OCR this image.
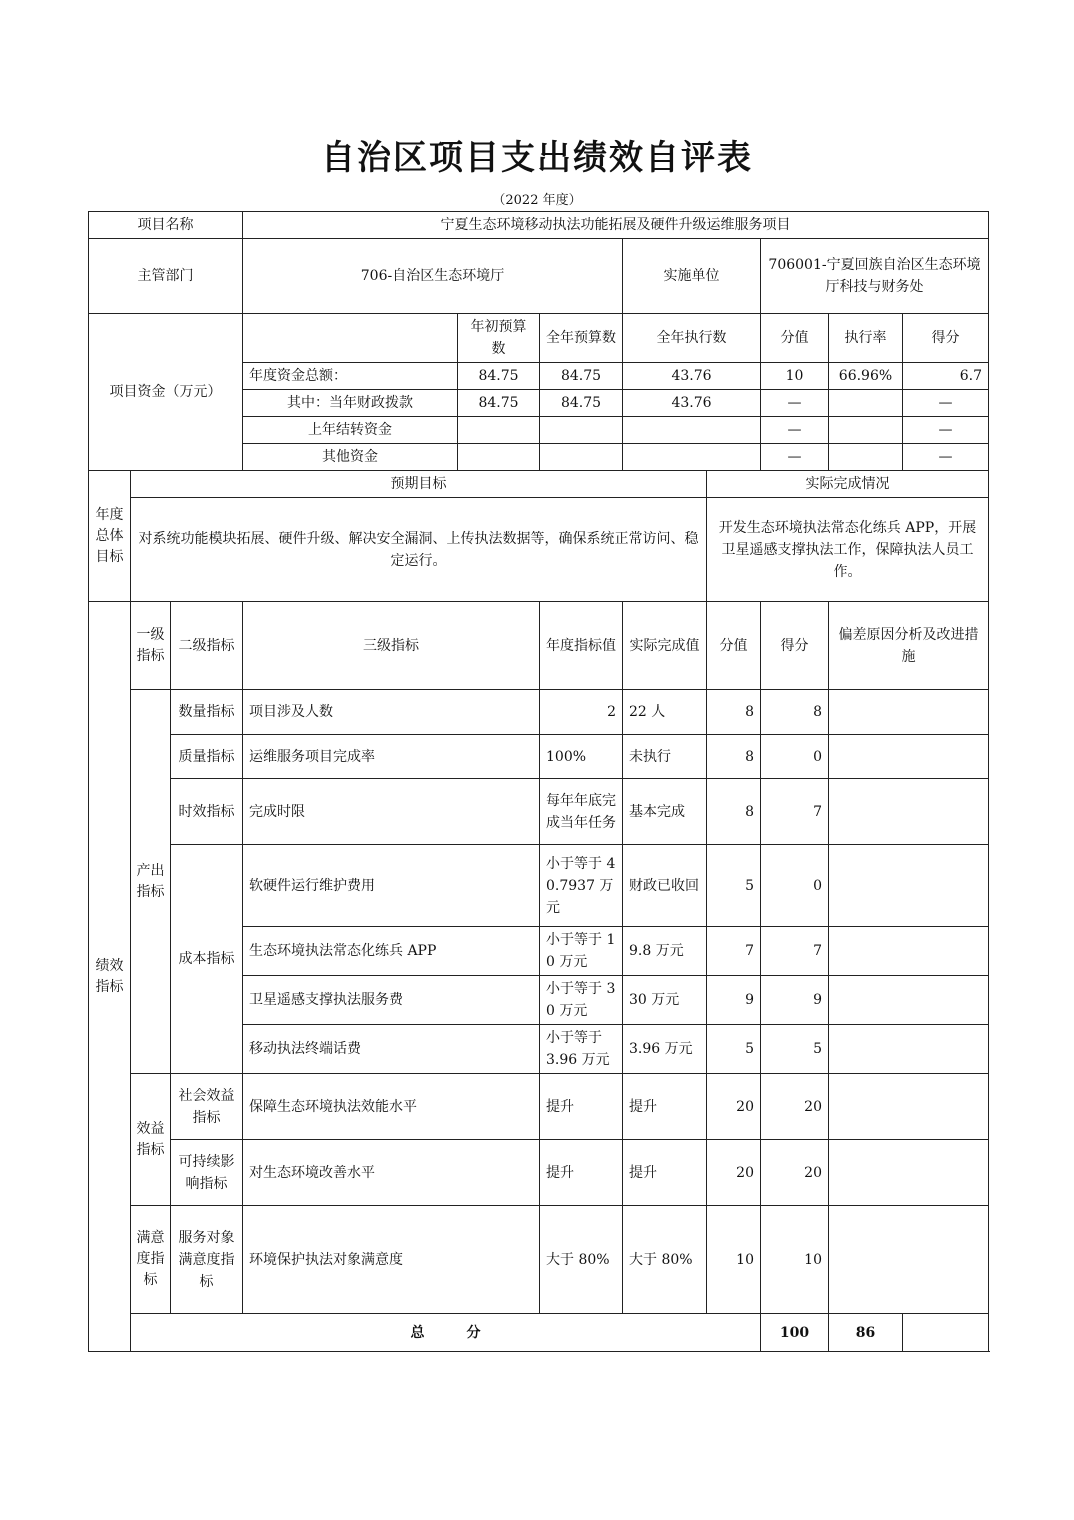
自治区项目支出绩效自评表
（2022 年度）
项目名称			宁夏生态环境移动执法功能拓展及硬件升级运维服务项目							
主管部门			706-自治区生态环境厅			实施单位		706001-宁夏回族自治区生态环境厅科技与财务处		
项目资金（万元）				年初预算数	全年预算数	全年执行数		分值	执行率	得分
			年度资金总额：	84.75	84.75	43.76		10	66.96%	6.7
			其中：当年财政拨款	84.75	84.75	43.76		—		—
			上年结转资金					—		—
			其他资金					—		—
年度总体目标	预期目标						实际完成情况			
	对系统功能模块拓展、硬件升级、解决安全漏洞、上传执法数据等，确保系统正常访问、稳定运行。						开发生态环境执法常态化练兵 APP，开展卫星遥感支撑执法工作，保障执法人员工作。			
绩效指标	一级指标	二级指标	三级指标		年度指标值	实际完成值	分值	得分	偏差原因分析及改进措施	
	产出指标	数量指标	项目涉及人数		2	22 人	8	8		
		质量指标	运维服务项目完成率		100%	未执行	8	0		
		时效指标	完成时限		每年年底完成当年任务	基本完成	8	7		
		成本指标	软硬件运行维护费用		小于等于 40.7937 万元	财政已收回	5	0		
			生态环境执法常态化练兵 APP		小于等于 10 万元	9.8 万元	7	7		
			卫星遥感支撑执法服务费		小于等于 30 万元	30 万元	9	9		
			移动执法终端话费		小于等于 3.96 万元	3.96 万元	5	5		
	效益指标	社会效益指标	保障生态环境执法效能水平		提升	提升	20	20		
		可持续影响指标	对生态环境改善水平		提升	提升	20	20		
	满意度指标	服务对象满意度指标	环境保护执法对象满意度		大于 80%	大于 80%	10	10		
	总　　　分							100	86	
